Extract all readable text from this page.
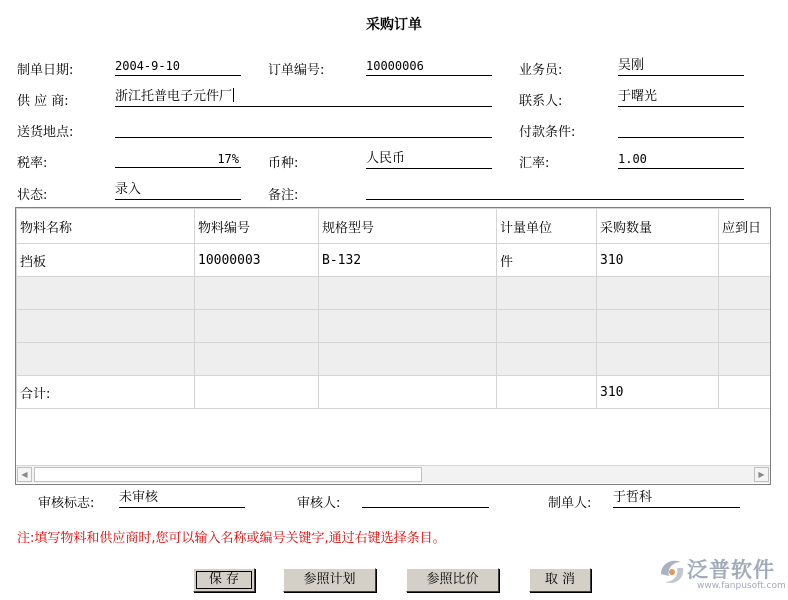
采购订单
制单日期:	2004-9-10	订单编号:	10000006	业务员:	吴刚
供 应 商:	浙江托普电子元件厂	联系人:	于曙光
送货地点:	付款条件:
税率:	17% 币种:	人民币	汇率:	1.00
状态:	录入	备注:
物料名称	物料编号	规格型号	计量单位	采购数量	应到日
挡板	10000003	B-132	件	310	

合计:				310	
◀	▶
审核标志: 未审核	审核人:	制单人: 于哲科
注:填写物料和供应商时,您可以输入名称或编号关键字,通过右键选择条目。
保 存	参照计划	参照比价	取 消	泛普软件
www.fanpusoft.com
